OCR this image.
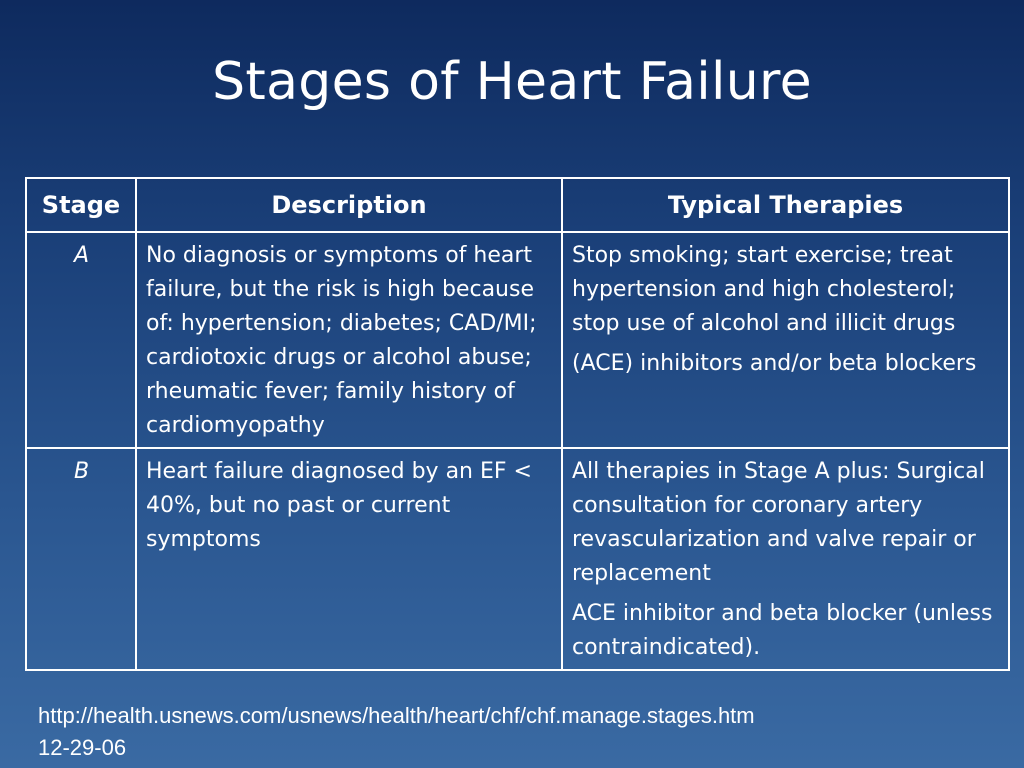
Stages of Heart Failure
Stage	Description	Typical Therapies
A	No diagnosis or symptoms of heart failure, but the risk is high because of: hypertension; diabetes; CAD/MI; cardiotoxic drugs or alcohol abuse; rheumatic fever; family history of cardiomyopathy	Stop smoking; start exercise; treat hypertension and high cholesterol; stop use of alcohol and illicit drugs

(ACE) inhibitors and/or beta blockers

B	Heart failure diagnosed by an EF < 40%, but no past or current symptoms	All therapies in Stage A plus: Surgical consultation for coronary artery revascularization and valve repair or replacement

ACE inhibitor and beta blocker (unless contraindicated).

http://health.usnews.com/usnews/health/heart/chf/chf.manage.stages.htm
12-29-06
